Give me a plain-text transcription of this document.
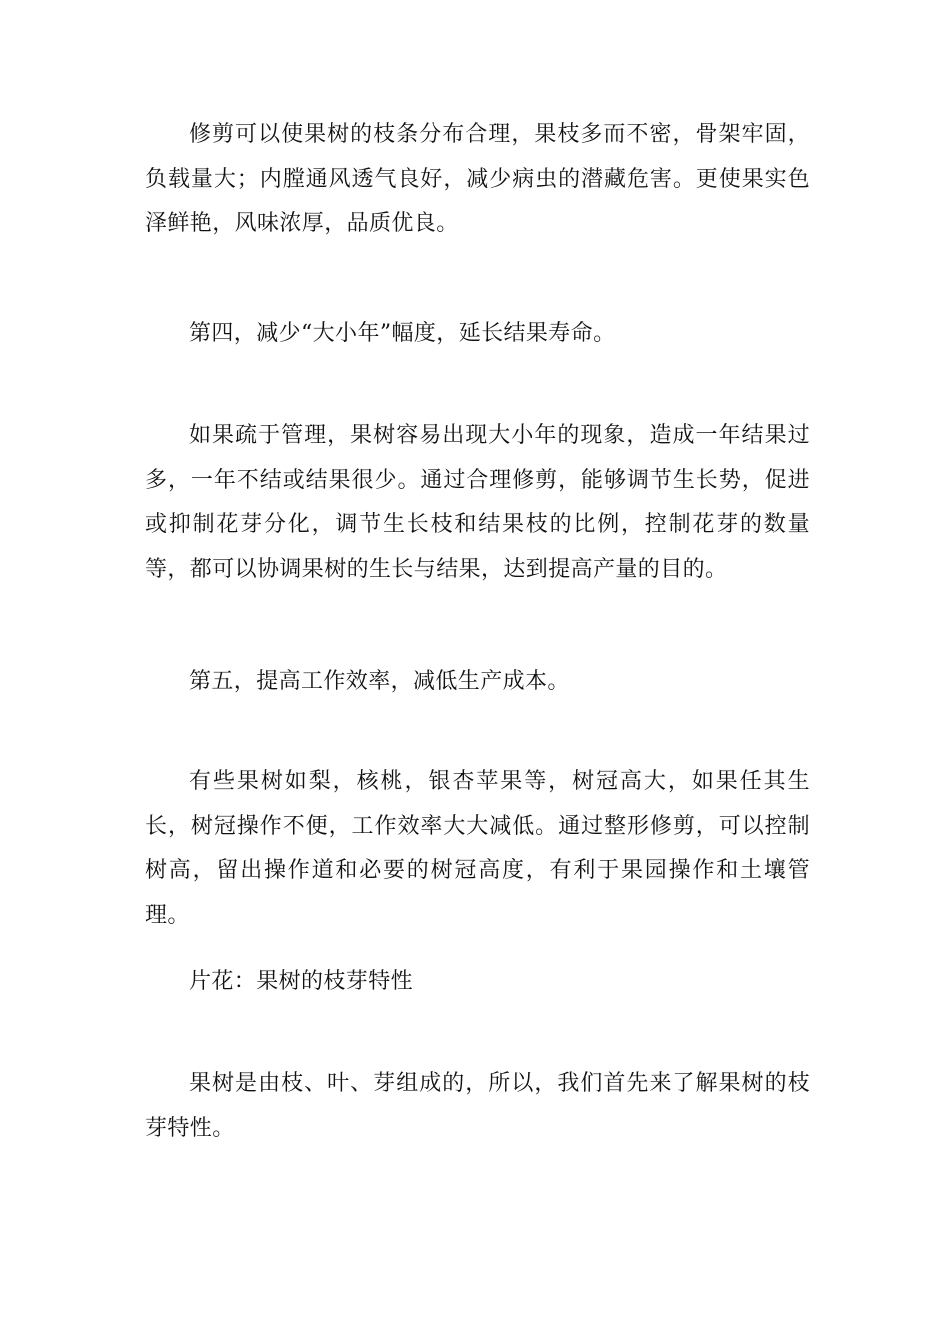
修剪可以使果树的枝条分布合理，果枝多而不密，骨架牢固，负载量大；内膛通风透气良好，减少病虫的潜藏危害。更使果实色泽鲜艳，风味浓厚，品质优良。

第四，减少“大小年”幅度，延长结果寿命。

如果疏于管理，果树容易出现大小年的现象，造成一年结果过多，一年不结或结果很少。通过合理修剪，能够调节生长势，促进或抑制花芽分化，调节生长枝和结果枝的比例，控制花芽的数量等，都可以协调果树的生长与结果，达到提高产量的目的。

第五，提高工作效率，减低生产成本。

有些果树如梨，核桃，银杏苹果等，树冠高大，如果任其生长，树冠操作不便，工作效率大大减低。通过整形修剪，可以控制树高，留出操作道和必要的树冠高度，有利于果园操作和土壤管理。

片花：果树的枝芽特性

果树是由枝、叶、芽组成的，所以，我们首先来了解果树的枝芽特性。
